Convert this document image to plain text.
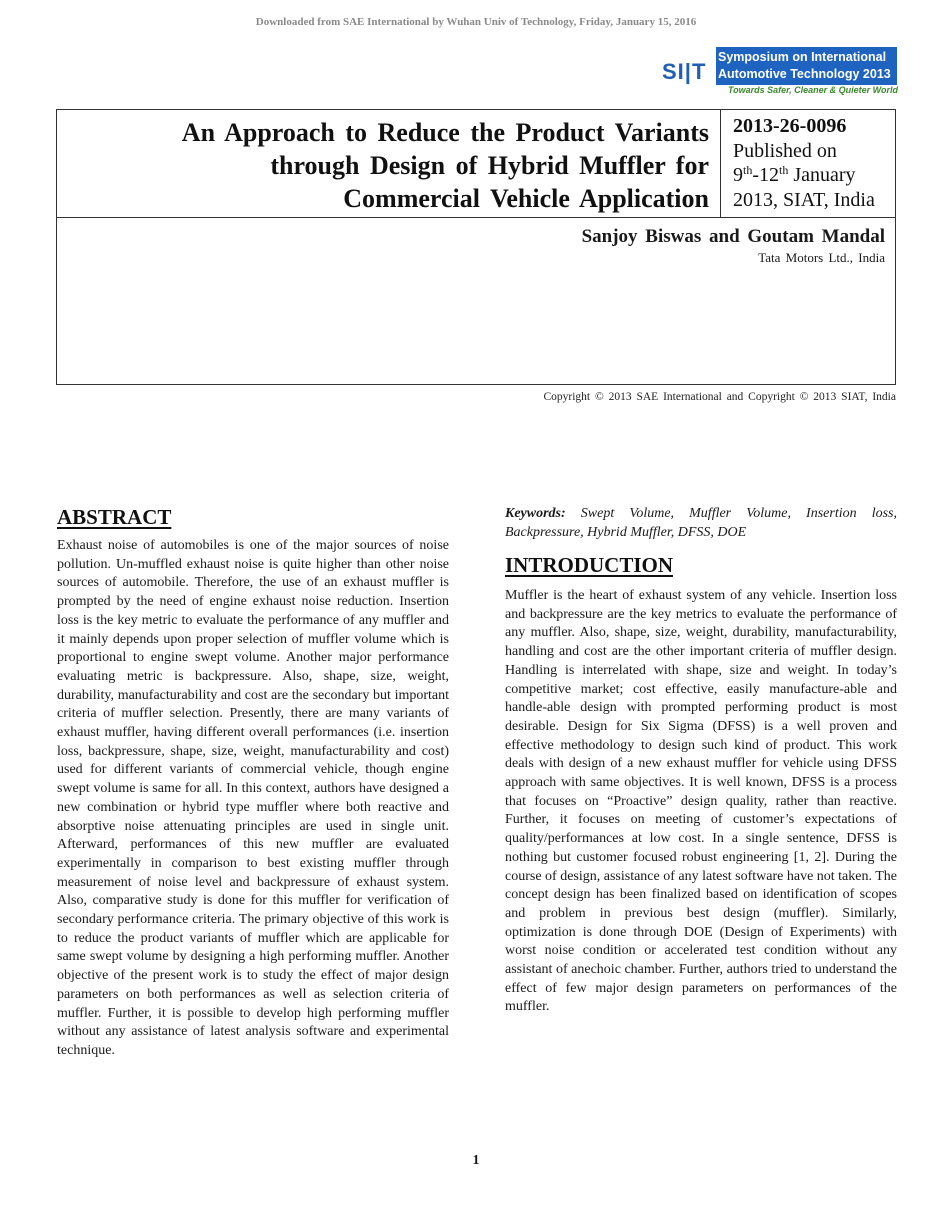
Downloaded from SAE International by Wuhan Univ of Technology, Friday, January 15, 2016
SI|T
Symposium on International
Automotive Technology 2013
Towards Safer, Cleaner & Quieter World
An Approach to Reduce the Product Variants
through Design of Hybrid Muffler for
Commercial Vehicle Application
2013-26-0096
Published on
9th-12th January
2013, SIAT, India
Sanjoy Biswas and Goutam Mandal
Tata Motors Ltd., India
Copyright © 2013 SAE International and Copyright © 2013 SIAT, India
ABSTRACT
Exhaust noise of automobiles is one of the major sources of noise pollution. Un-muffled exhaust noise is quite higher than other noise sources of automobile. Therefore, the use of an exhaust muffler is prompted by the need of engine exhaust noise reduction. Insertion loss is the key metric to evaluate the performance of any muffler and it mainly depends upon proper selection of muffler volume which is proportional to engine swept volume. Another major performance evaluating metric is backpressure. Also, shape, size, weight, durability, manufacturability and cost are the secondary but important criteria of muffler selection. Presently, there are many variants of exhaust muffler, having different overall performances (i.e. insertion loss, backpressure, shape, size, weight, manufacturability and cost) used for different variants of commercial vehicle, though engine swept volume is same for all. In this context, authors have designed a new combination or hybrid type muffler where both reactive and absorptive noise attenuating principles are used in single unit. Afterward, performances of this new muffler are evaluated experimentally in comparison to best existing muffler through measurement of noise level and backpressure of exhaust system. Also, comparative study is done for this muffler for verification of secondary performance criteria. The primary objective of this work is to reduce the product variants of muffler which are applicable for same swept volume by designing a high performing muffler. Another objective of the present work is to study the effect of major design parameters on both performances as well as selection criteria of muffler. Further, it is possible to develop high performing muffler without any assistance of latest analysis software and experimental technique.
Keywords: Swept Volume, Muffler Volume, Insertion loss, Backpressure, Hybrid Muffler, DFSS, DOE
INTRODUCTION
Muffler is the heart of exhaust system of any vehicle. Insertion loss and backpressure are the key metrics to evaluate the performance of any muffler. Also, shape, size, weight, durability, manufacturability, handling and cost are the other important criteria of muffler design. Handling is interrelated with shape, size and weight. In today’s competitive market; cost effective, easily manufacture-able and handle-able design with prompted performing product is most desirable. Design for Six Sigma (DFSS) is a well proven and effective methodology to design such kind of product. This work deals with design of a new exhaust muffler for vehicle using DFSS approach with same objectives. It is well known, DFSS is a process that focuses on “Proactive” design quality, rather than reactive. Further, it focuses on meeting of customer’s expectations of quality/performances at low cost. In a single sentence, DFSS is nothing but customer focused robust engineering [1, 2]. During the course of design, assistance of any latest software have not taken. The concept design has been finalized based on identification of scopes and problem in previous best design (muffler). Similarly, optimization is done through DOE (Design of Experiments) with worst noise condition or accelerated test condition without any assistant of anechoic chamber. Further, authors tried to understand the effect of few major design parameters on performances of the muffler.
1
